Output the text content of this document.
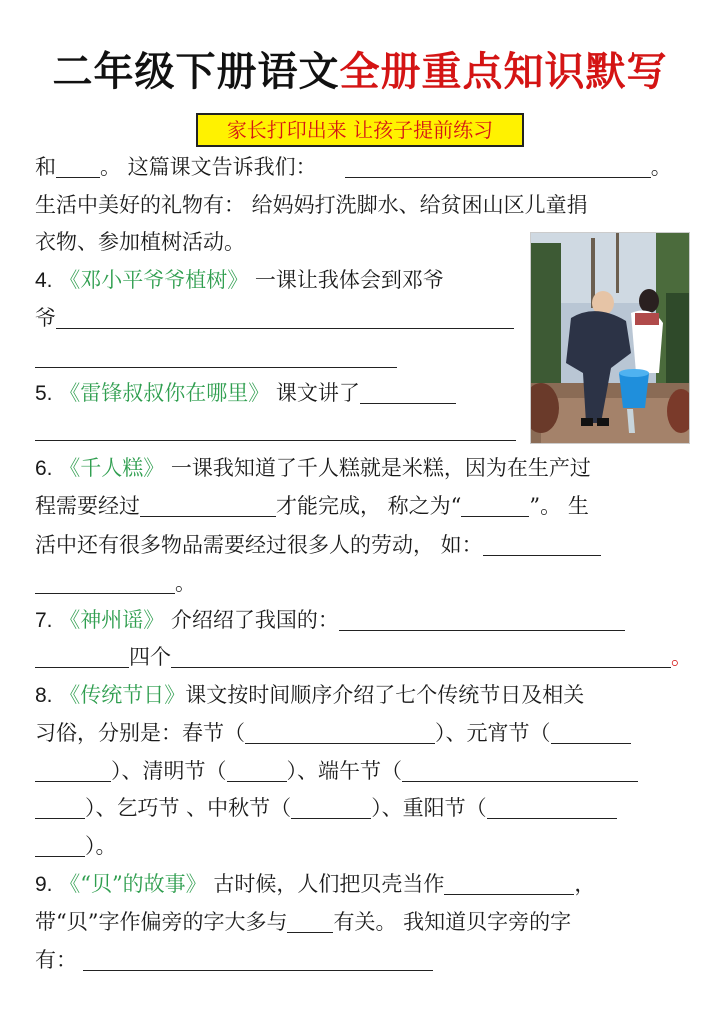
二年级下册语文全册重点知识默写
家长打印出来 让孩子提前练习
和 。 这篇课文告诉我们：	。
生活中美好的礼物有： 给妈妈打洗脚水、给贫困山区儿童捐
衣物、参加植树活动。
4. 《邓小平爷爷植树》 一课让我体会到邓爷
爷
5. 《雷锋叔叔你在哪里》 课文讲了
6. 《千人糕》 一课我知道了千人糕就是米糕，因为在生产过
程需要经过	才能完成， 称之为“	”。 生
活中还有很多物品需要经过很多人的劳动， 如：
。
7. 《神州谣》 介绍绍了我国的：
四个	。
8. 《传统节日》课文按时间顺序介绍了七个传统节日及相关
习俗，分别是：春节（	）、元宵节（
）、清明节（	）、端午节（
）、乞巧节 、中秋节（	）、重阳节（
）。
9. 《“贝”的故事》 古时候，人们把贝壳当作	，
带“贝”字作偏旁的字大多与 有关。 我知道贝字旁的字
有：
